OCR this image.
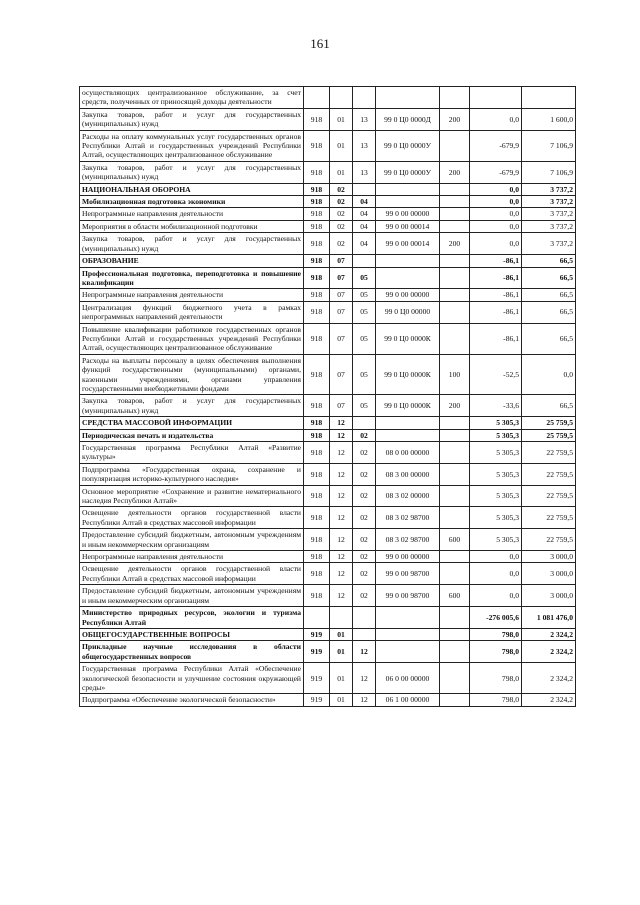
161
осуществляющих централизованное обслуживание, за счет средств, полученных от приносящей доходы деятельности							
Закупка товаров, работ и услуг для государственных (муниципальных) нужд	918	01	13	99 0 Ц0 0000Д	200	0,0	1 600,0
Расходы на оплату коммунальных услуг государственных органов Республики Алтай и государственных учреждений Республики Алтай, осуществляющих централизованное обслуживание	918	01	13	99 0 Ц0 0000У		-679,9	7 106,9
Закупка товаров, работ и услуг для государственных (муниципальных) нужд	918	01	13	99 0 Ц0 0000У	200	-679,9	7 106,9
НАЦИОНАЛЬНАЯ ОБОРОНА	918	02				0,0	3 737,2
Мобилизационная подготовка экономики	918	02	04			0,0	3 737,2
Непрограммные направления деятельности	918	02	04	99 0 00 00000		0,0	3 737,2
Мероприятия в области мобилизационной подготовки	918	02	04	99 0 00 00014		0,0	3 737,2
Закупка товаров, работ и услуг для государственных (муниципальных) нужд	918	02	04	99 0 00 00014	200	0,0	3 737,2
ОБРАЗОВАНИЕ	918	07				-86,1	66,5
Профессиональная подготовка, переподготовка и повышение квалификации	918	07	05			-86,1	66,5
Непрограммные направления деятельности	918	07	05	99 0 00 00000		-86,1	66,5
Централизация функций бюджетного учета в рамках непрограммных направлений деятельности	918	07	05	99 0 Ц0 00000		-86,1	66,5
Повышение квалификации работников государственных органов Республики Алтай и государственных учреждений Республики Алтай, осуществляющих централизованное обслуживание	918	07	05	99 0 Ц0 0000К		-86,1	66,5
Расходы на выплаты персоналу в целях обеспечения выполнения функций государственными (муниципальными) органами, казенными учреждениями, органами управления государственными внебюджетными фондами	918	07	05	99 0 Ц0 0000К	100	-52,5	0,0
Закупка товаров, работ и услуг для государственных (муниципальных) нужд	918	07	05	99 0 Ц0 0000К	200	-33,6	66,5
СРЕДСТВА МАССОВОЙ ИНФОРМАЦИИ	918	12				5 305,3	25 759,5
Периодическая печать и издательства	918	12	02			5 305,3	25 759,5
Государственная программа Республики Алтай «Развитие культуры»	918	12	02	08 0 00 00000		5 305,3	22 759,5
Подпрограмма «Государственная охрана, сохранение и популяризация историко-культурного наследия»	918	12	02	08 3 00 00000		5 305,3	22 759,5
Основное мероприятие «Сохранение и развитие нематериального наследия Республики Алтай»	918	12	02	08 3 02 00000		5 305,3	22 759,5
Освещение деятельности органов государственной власти Республики Алтай в средствах массовой информации	918	12	02	08 3 02 98700		5 305,3	22 759,5
Предоставление субсидий бюджетным, автономным учреждениям и иным некоммерческим организациям	918	12	02	08 3 02 98700	600	5 305,3	22 759,5
Непрограммные направления деятельности	918	12	02	99 0 00 00000		0,0	3 000,0
Освещение деятельности органов государственной власти Республики Алтай в средствах массовой информации	918	12	02	99 0 00 98700		0,0	3 000,0
Предоставление субсидий бюджетным, автономным учреждениям и иным некоммерческим организациям	918	12	02	99 0 00 98700	600	0,0	3 000,0
Министерство природных ресурсов, экологии и туризма Республики Алтай						-276 005,6	1 081 476,0
ОБЩЕГОСУДАРСТВЕННЫЕ ВОПРОСЫ	919	01				798,0	2 324,2
Прикладные научные исследования в области общегосударственных вопросов	919	01	12			798,0	2 324,2
Государственная программа Республики Алтай «Обеспечение экологической безопасности и улучшение состояния окружающей среды»	919	01	12	06 0 00 00000		798,0	2 324,2
Подпрограмма «Обеспечение экологической безопасности»	919	01	12	06 1 00 00000		798,0	2 324,2
